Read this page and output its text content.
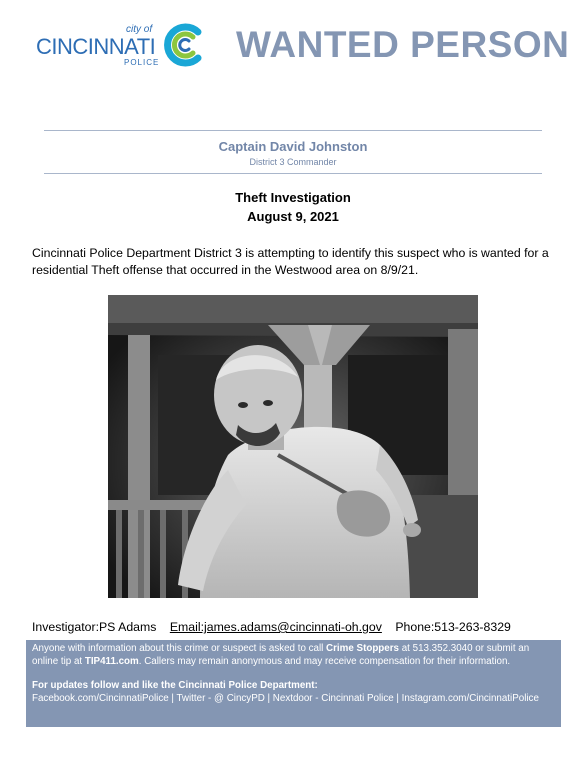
city of
CINCINNATI
POLICE WANTED PERSON
Captain David Johnston
District 3 Commander
Theft Investigation
August 9, 2021
Cincinnati Police Department District 3 is attempting to identify this suspect who is wanted for a residential Theft offense that occurred in the Westwood area on 8/9/21.
Investigator:PS Adams Email:james.adams@cincinnati-oh.gov Phone:513-263-8329

Anyone with information about this crime or suspect is asked to call Crime Stoppers at 513.352.3040 or submit an online tip at TIP411.com. Callers may remain anonymous and may receive compensation for their information.

For updates follow and like the Cincinnati Police Department:

Facebook.com/CincinnatiPolice | Twitter - @ CincyPD | Nextdoor - Cincinnati Police | Instagram.com/CincinnatiPolice
